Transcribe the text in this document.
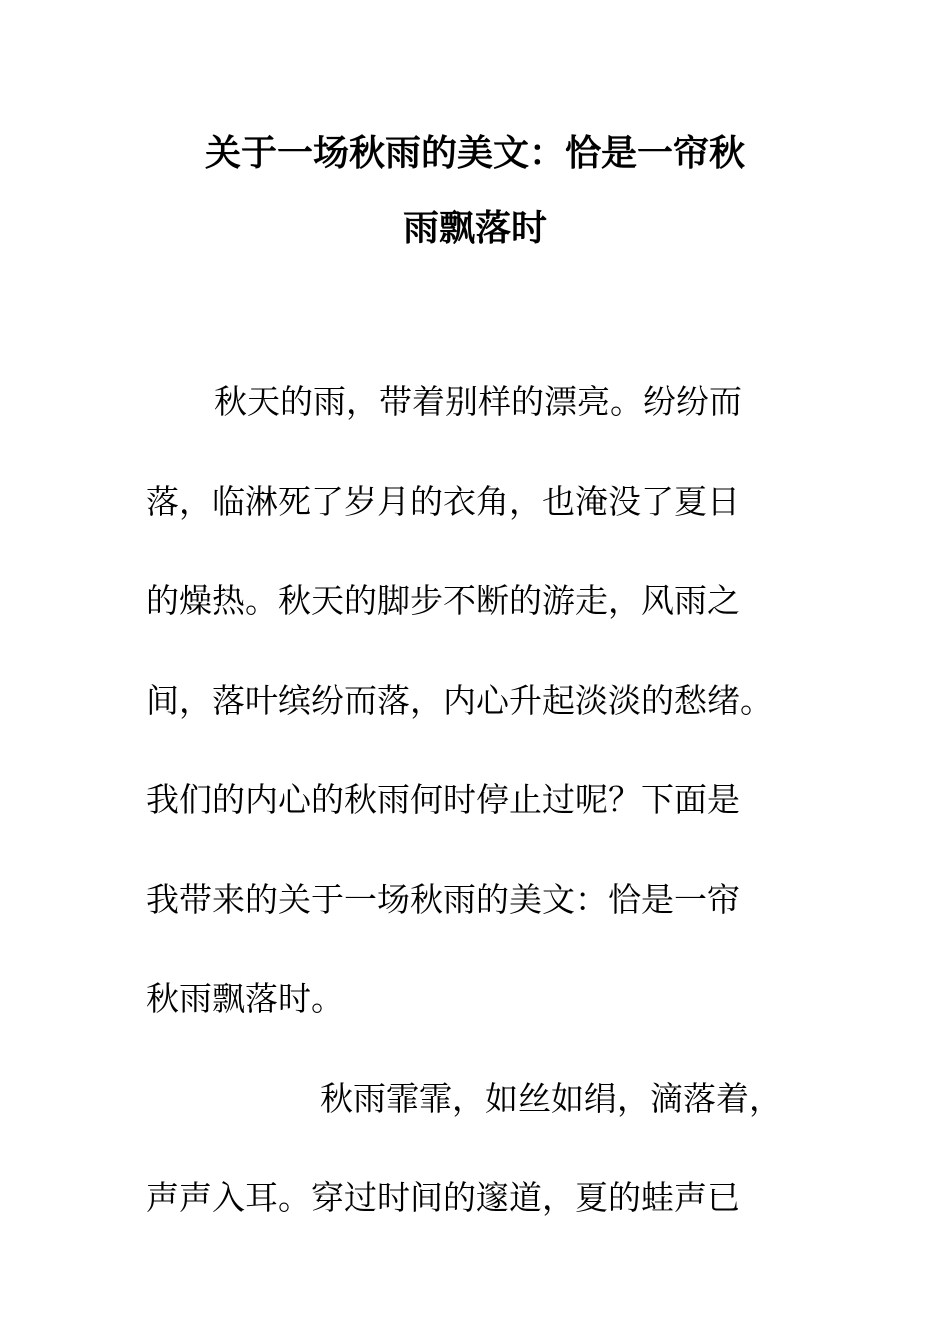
关于一场秋雨的美文：恰是一帘秋
雨飘落时
秋天的雨，带着别样的漂亮。纷纷而
落，临淋死了岁月的衣角，也淹没了夏日
的燥热。秋天的脚步不断的游走，风雨之
间，落叶缤纷而落，内心升起淡淡的愁绪。
我们的内心的秋雨何时停止过呢？下面是
我带来的关于一场秋雨的美文：恰是一帘
秋雨飘落时。
秋雨霏霏，如丝如绢，滴落着，
声声入耳。穿过时间的邃道，夏的蛙声已
